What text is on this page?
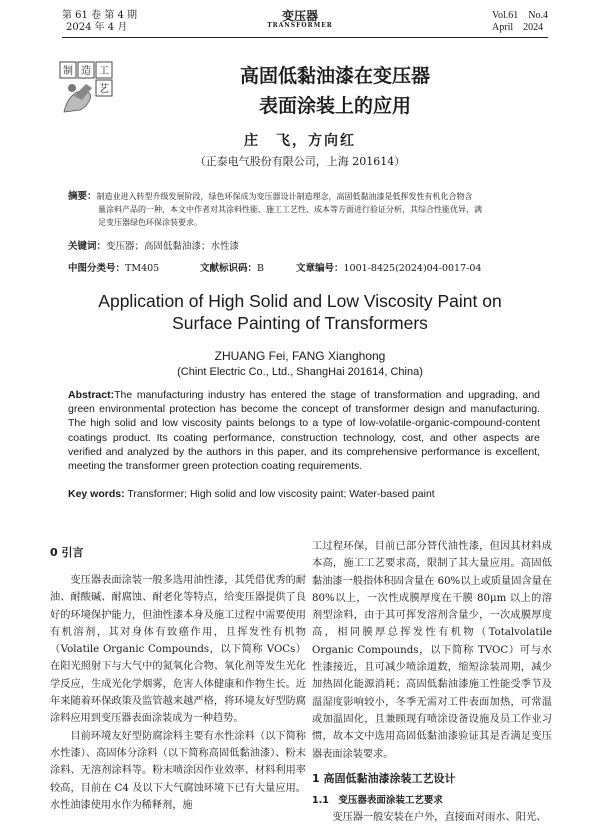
第 61 卷 第 4 期
2024 年 4 月
变压器
TRANSFORMER
Vol.61 No.4
April 2024
制 造 工
艺
高固低黏油漆在变压器
表面涂装上的应用
庄　飞，方向红
（正泰电气股份有限公司，上海 201614）
摘要：制造业进入转型升级发展阶段，绿色环保成为变压器设计制造理念，高固低黏油漆是低挥发性有机化合物含
量涂料产品的一种，本文中作者对其涂料性能、施工工艺性、成本等方面进行验证分析，其综合性能优异，满
足变压器绿色环保涂装要求。
关键词：变压器；高固低黏油漆；水性漆
中图分类号：TM405	文献标识码：B	文章编号：1001-8425(2024)04-0017-04
Application of High Solid and Low Viscosity Paint on
Surface Painting of Transformers
ZHUANG Fei, FANG Xianghong
(Chint Electric Co., Ltd., ShangHai 201614, China)
Abstract:The manufacturing industry has entered the stage of transformation and upgrading, and green environmental protection has become the concept of transformer design and manufacturing. The high solid and low viscosity paints belongs to a type of low-volatile-organic-compound-content coatings product. Its coating performance, construction technology, cost, and other aspects are verified and analyzed by the authors in this paper, and its comprehensive performance is excellent, meeting the transformer green protection coating requirements.
Key words: Transformer; High solid and low viscosity paint; Water-based paint
0 引言

变压器表面涂装一般多选用油性漆，其凭借优秀的耐油、耐酸碱、耐腐蚀、耐老化等特点，给变压器提供了良好的环境保护能力，但油性漆本身及施工过程中需要使用有机溶剂，其对身体有致癌作用，且挥发性有机物（Volatile Organic Compounds，以下简称 VOCs）在阳光照射下与大气中的氮氧化合物、氧化剂等发生光化学反应，生成光化学烟雾，危害人体健康和作物生长。近年来随着环保政策及监管越来越严格，将环境友好型防腐涂料应用到变压器表面涂装成为一种趋势。

目前环境友好型防腐涂料主要有水性涂料（以下简称水性漆）、高固体分涂料（以下简称高固低黏油漆）、粉末涂料、无溶剂涂料等。粉末喷涂因作业效率、材料利用率较高，目前在 C4 及以下大气腐蚀环境下已有大量应用。水性油漆使用水作为稀释剂，施

工过程环保，目前已部分替代油性漆，但因其材料成本高，施工工艺要求高，限制了其大量应用。高固低黏油漆一般指体积固含量在 60%以上或质量固含量在 80%以上，一次性成膜厚度在干膜 80μm 以上的溶剂型涂料，由于其可挥发溶剂含量少，一次成膜厚度高，相同膜厚总挥发性有机物（Totalvolatile Organic Compounds，以下简称 TVOC）可与水性漆接近，且可减少喷涂道数，缩短涂装周期，减少加热固化能源消耗；高固低黏油漆施工性能受季节及温湿度影响较小，冬季无需对工件表面加热，可常温或加温固化，且兼顾现有喷涂设备设施及员工作业习惯，故本文中选用高固低黏油漆验证其是否满足变压器表面涂装要求。

1 高固低黏油漆涂装工艺设计
1.1　变压器表面涂装工艺要求

变压器一般安装在户外，直接面对雨水、阳光、
